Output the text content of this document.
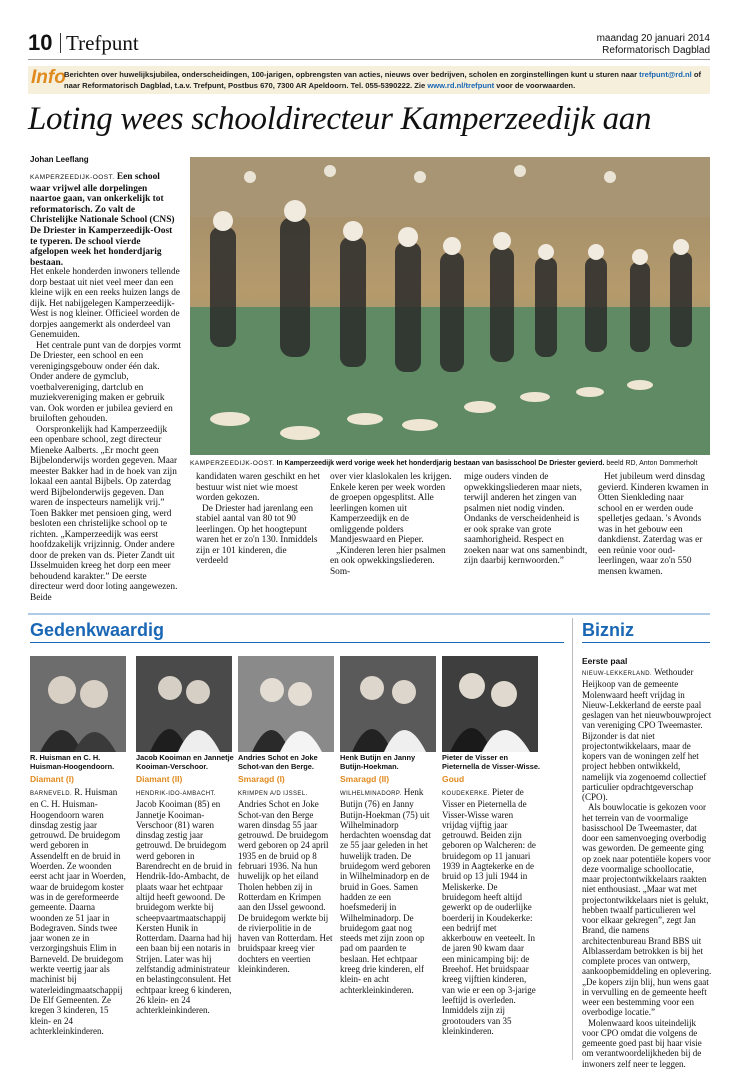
10 Trefpunt	maandag 20 januari 2014
Reformatorisch Dagblad
Info
Berichten over huwelijksjubilea, onderscheidingen, 100-jarigen, opbrengsten van acties, nieuws over bedrijven, scholen en zorginstellingen kunt u sturen naar trefpunt@rd.nl of naar Reformatorisch Dagblad, t.a.v. Trefpunt, Postbus 670, 7300 AR Apeldoorn. Tel. 055-5390222. Zie www.rd.nl/trefpunt voor de voorwaarden.
Loting wees schooldirecteur Kamperzeedijk aan
Johan Leeflang
KAMPERZEEDIJK-OOST. Een school waar vrijwel alle dorpelingen naartoe gaan, van onkerkelijk tot reformatorisch. Zo valt de Christelijke Nationale School (CNS) De Driester in Kamperzeedijk-Oost te typeren. De school vierde afgelopen week het honderdjarig bestaan.

Het enkele honderden inwoners tellende dorp bestaat uit niet veel meer dan een kleine wijk en een reeks huizen langs de dijk. Het nabijgelegen Kamperzeedijk-West is nog kleiner. Officieel worden de dorpjes aangemerkt als onderdeel van Genemuiden.

Het centrale punt van de dorpjes vormt De Driester, een school en een verenigingsgebouw onder één dak. Onder andere de gymclub, voetbalvereniging, dartclub en muziekvereniging maken er gebruik van. Ook worden er jubilea gevierd en bruiloften gehouden.

Oorspronkelijk had Kamperzeedijk een openbare school, zegt directeur Mieneke Aalberts. „Er mocht geen Bijbelonderwijs worden gegeven. Maar meester Bakker had in de hoek van zijn lokaal een aantal Bijbels. Op zaterdag werd Bijbelonderwijs gegeven. Dan waren de inspecteurs namelijk vrij.” Toen Bakker met pensioen ging, werd besloten een christelijke school op te richten. „Kamperzeedijk was eerst hoofdzakelijk vrijzinnig. Onder andere door de preken van ds. Pieter Zandt uit IJsselmuiden kreeg het dorp een meer behoudend karakter.” De eerste directeur werd door loting aangewezen. Beide

KAMPERZEEDIJK-OOST. In Kamperzeedijk werd vorige week het honderdjarig bestaan van basisschool De Driester gevierd. beeld RD, Anton Dommerholt

kandidaten waren geschikt en het bestuur wist niet wie moest worden gekozen.

De Driester had jarenlang een stabiel aantal van 80 tot 90 leerlingen. Op het hoogtepunt waren het er zo'n 130. Inmiddels zijn er 101 kinderen, die verdeeld

over vier klaslokalen les krijgen. Enkele keren per week worden de groepen opgesplitst. Alle leerlingen komen uit Kamperzeedijk en de omliggende polders Mandjeswaard en Pieper.

„Kinderen leren hier psalmen en ook opwekkingsliederen. Som-

mige ouders vinden de opwekkingsliederen maar niets, terwijl anderen het zingen van psalmen niet nodig vinden. Ondanks de verscheidenheid is er ook sprake van grote saamhorigheid. Respect en zoeken naar wat ons samenbindt, zijn daarbij kernwoorden.”

Het jubileum werd dinsdag gevierd. Kinderen kwamen in Otten Sienkleding naar school en er werden oude spelletjes gedaan. 's Avonds was in het gebouw een dankdienst. Zaterdag was er een reünie voor oud-leerlingen, waar zo'n 550 mensen kwamen.

Gedenkwaardig	Bizniz
R. Huisman en C. H. Huisman-Hoogendoorn.
Jacob Kooiman en Jannetje Kooiman-Verschoor.
Andries Schot en Joke Schot-van den Berge.
Henk Butijn en Janny Butijn-Hoekman.
Pieter de Visser en Pieternella de Visser-Wisse.
Diamant (I)	Diamant (II)	Smaragd (I)	Smaragd (II)	Goud
BARNEVELD. R. Huisman en C. H. Huisman-Hoogendoorn waren dinsdag zestig jaar getrouwd. De bruidegom werd geboren in Assendelft en de bruid in Woerden. Ze woonden eerst acht jaar in Woerden, waar de bruidegom koster was in de gereformeerde gemeente. Daarna woonden ze 51 jaar in Bodegraven. Sinds twee jaar wonen ze in verzorgingshuis Elim in Barneveld. De bruidegom werkte veertig jaar als machinist bij waterleidingmaatschappij De Elf Gemeenten. Ze kregen 3 kinderen, 15 klein- en 24 achterkleinkinderen.
HENDRIK-IDO-AMBACHT. Jacob Kooiman (85) en Jannetje Kooiman-Verschoor (81) waren dinsdag zestig jaar getrouwd. De bruidegom werd geboren in Barendrecht en de bruid in Hendrik-Ido-Ambacht, de plaats waar het echtpaar altijd heeft gewoond. De bruidegom werkte bij scheepvaartmaatschappij Kersten Hunik in Rotterdam. Daarna had hij een baan bij een notaris in Strijen. Later was hij zelfstandig administrateur en belastingconsulent. Het echtpaar kreeg 6 kinderen, 26 klein- en 24 achterkleinkinderen.
KRIMPEN A/D IJSSEL. Andries Schot en Joke Schot-van den Berge waren dinsdag 55 jaar getrouwd. De bruidegom werd geboren op 24 april 1935 en de bruid op 8 februari 1936. Na hun huwelijk op het eiland Tholen hebben zij in Rotterdam en Krimpen aan den IJssel gewoond. De bruidegom werkte bij de rivierpolitie in de haven van Rotterdam. Het bruidspaar kreeg vier dochters en veertien kleinkinderen.
WILHELMINADORP. Henk Butijn (76) en Janny Butijn-Hoekman (75) uit Wilhelminadorp herdachten woensdag dat ze 55 jaar geleden in het huwelijk traden. De bruidegom werd geboren in Wilhelminadorp en de bruid in Goes. Samen hadden ze een hoefsmederij in Wilhelminadorp. De bruidegom gaat nog steeds met zijn zoon op pad om paarden te beslaan. Het echtpaar kreeg drie kinderen, elf klein- en acht achterkleinkinderen.
KOUDEKERKE. Pieter de Visser en Pieternella de Visser-Wisse waren vrijdag vijftig jaar getrouwd. Beiden zijn geboren op Walcheren: de bruidegom op 11 januari 1939 in Aagtekerke en de bruid op 13 juli 1944 in Meliskerke. De bruidegom heeft altijd gewerkt op de ouderlijke boerderij in Koudekerke: een bedrijf met akkerbouw en veeteelt. In de jaren 90 kwam daar een minicamping bij: de Breehof. Het bruidspaar kreeg vijftien kinderen, van wie er een op 3-jarige leeftijd is overleden. Inmiddels zijn zij grootouders van 35 kleinkinderen.
Eerste paal

NIEUW-LEKKERLAND. Wethouder Heijkoop van de gemeente Molenwaard heeft vrijdag in Nieuw-Lekkerland de eerste paal geslagen van het nieuwbouwproject van vereniging CPO Tweemaster. Bijzonder is dat niet projectontwikkelaars, maar de kopers van de woningen zelf het project hebben ontwikkeld, namelijk via zogenoemd collectief particulier opdrachtgeverschap (CPO).

Als bouwlocatie is gekozen voor het terrein van de voormalige basisschool De Tweemaster, dat door een samenvoeging overbodig was geworden. De gemeente ging op zoek naar potentiële kopers voor deze voormalige schoollocatie, maar projectontwikkelaars raakten niet enthousiast. „Maar wat met projectontwikkelaars niet is gelukt, hebben twaalf particulieren wel voor elkaar gekregen”, zegt Jan Brand, die namens architectenbureau Brand BBS uit Alblasserdam betrokken is bij het complete proces van ontwerp, aankoopbemiddeling en oplevering. „De kopers zijn blij, hun wens gaat in vervulling en de gemeente heeft weer een bestemming voor een overbodige locatie.”

Molenwaard koos uiteindelijk voor CPO omdat die volgens de gemeente goed past bij haar visie om verantwoordelijkheden bij de inwoners zelf neer te leggen.
